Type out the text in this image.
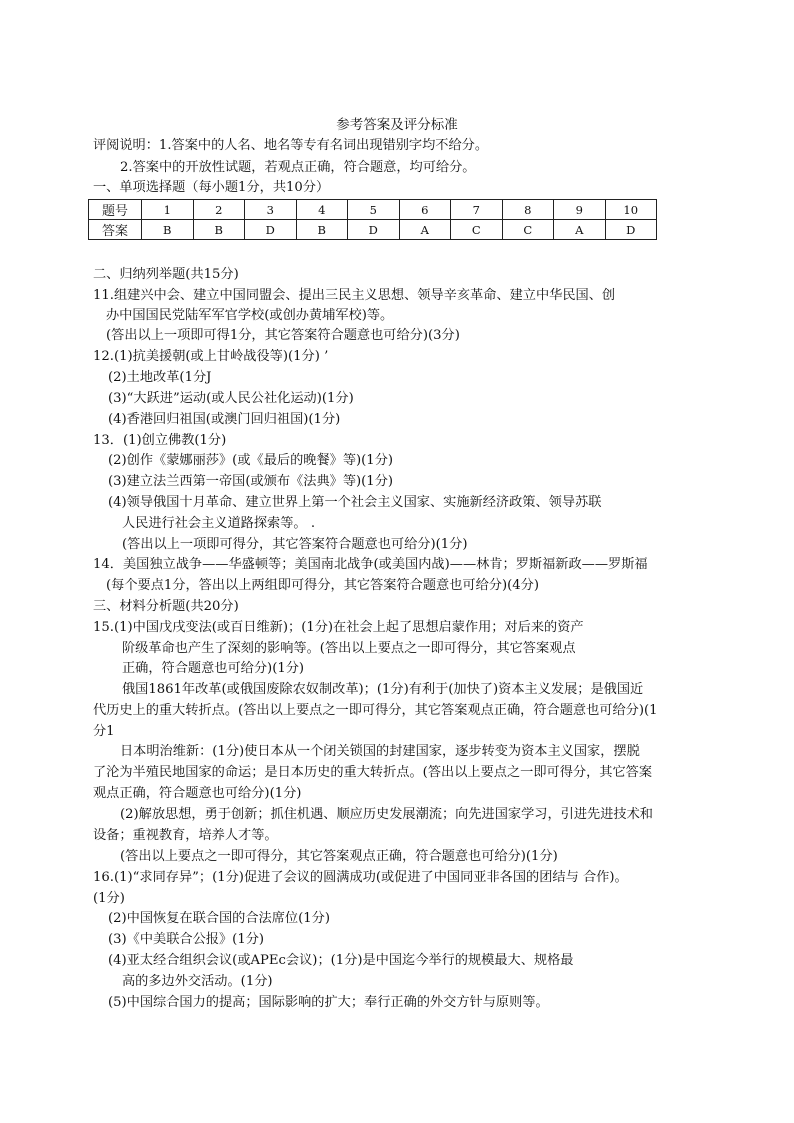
参考答案及评分标准
评阅说明：1.答案中的人名、地名等专有名词出现错别字均不给分。
2.答案中的开放性试题，若观点正确，符合题意，均可给分。
一、单项选择题（每小题1分，共10分）
题号	1	2	3	4	5	6	7	8	9	10
答案	B	B	D	B	D	A	C	C	A	D
二、归纳列举题(共15分)
11.组建兴中会、建立中国同盟会、提出三民主义思想、领导辛亥革命、建立中华民国、创
办中国国民党陆军军官学校(或创办黄埔军校)等。
(答出以上一项即可得1分，其它答案符合题意也可给分)(3分)
12.(1)抗美援朝(或上甘岭战役等)(1分) ’
(2)土地改革(1分J
(3)“大跃进”运动(或人民公社化运动)(1分)
(4)香港回归祖国(或澳门回归祖国)(1分)
13．(1)创立佛教(1分)
(2)创作《蒙娜丽莎》(或《最后的晚餐》等)(1分)
(3)建立法兰西第一帝国(或颁布《法典》等)(1分)
(4)领导俄国十月革命、建立世界上第一个社会主义国家、实施新经济政策、领导苏联
人民进行社会主义道路探索等。 .
(答出以上一项即可得分，其它答案符合题意也可给分)(1分)
14．美国独立战争——华盛顿等；美国南北战争(或美国内战)——林肯；罗斯福新政——罗斯福
(每个要点1分，答出以上两组即可得分，其它答案符合题意也可给分)(4分)
三、材料分析题(共20分)
15.(1)中国戊戌变法(或百日维新)；(1分)在社会上起了思想启蒙作用；对后来的资产
阶级革命也产生了深刻的影响等。(答出以上要点之一即可得分，其它答案观点
正确，符合题意也可给分)(1分)
俄国1861年改革(或俄国废除农奴制改革)；(1分)有利于(加快了)资本主义发展；是俄国近
代历史上的重大转折点。(答出以上要点之一即可得分，其它答案观点正确，符合题意也可给分)(1
分1
日本明治维新：(1分)使日本从一个闭关锁国的封建国家，逐步转变为资本主义国家，摆脱
了沦为半殖民地国家的命运；是日本历史的重大转折点。(答出以上要点之一即可得分，其它答案
观点正确，符合题意也可给分)(1分)
(2)解放思想，勇于创新；抓住机遇、顺应历史发展潮流；向先进国家学习，引进先进技术和
设备；重视教育，培养人才等。
(答出以上要点之一即可得分，其它答案观点正确，符合题意也可给分)(1分)
16.(1)“求同存异”；(1分)促进了会议的圆满成功(或促进了中国同亚非各国的团结与 合作)。
(1分)
(2)中国恢复在联合国的合法席位(1分)
(3)《中美联合公报》(1分)
(4)亚太经合组织会议(或APEc会议)；(1分)是中国迄今举行的规模最大、规格最
高的多边外交活动。(1分)
(5)中国综合国力的提高；国际影响的扩大；奉行正确的外交方针与原则等。
